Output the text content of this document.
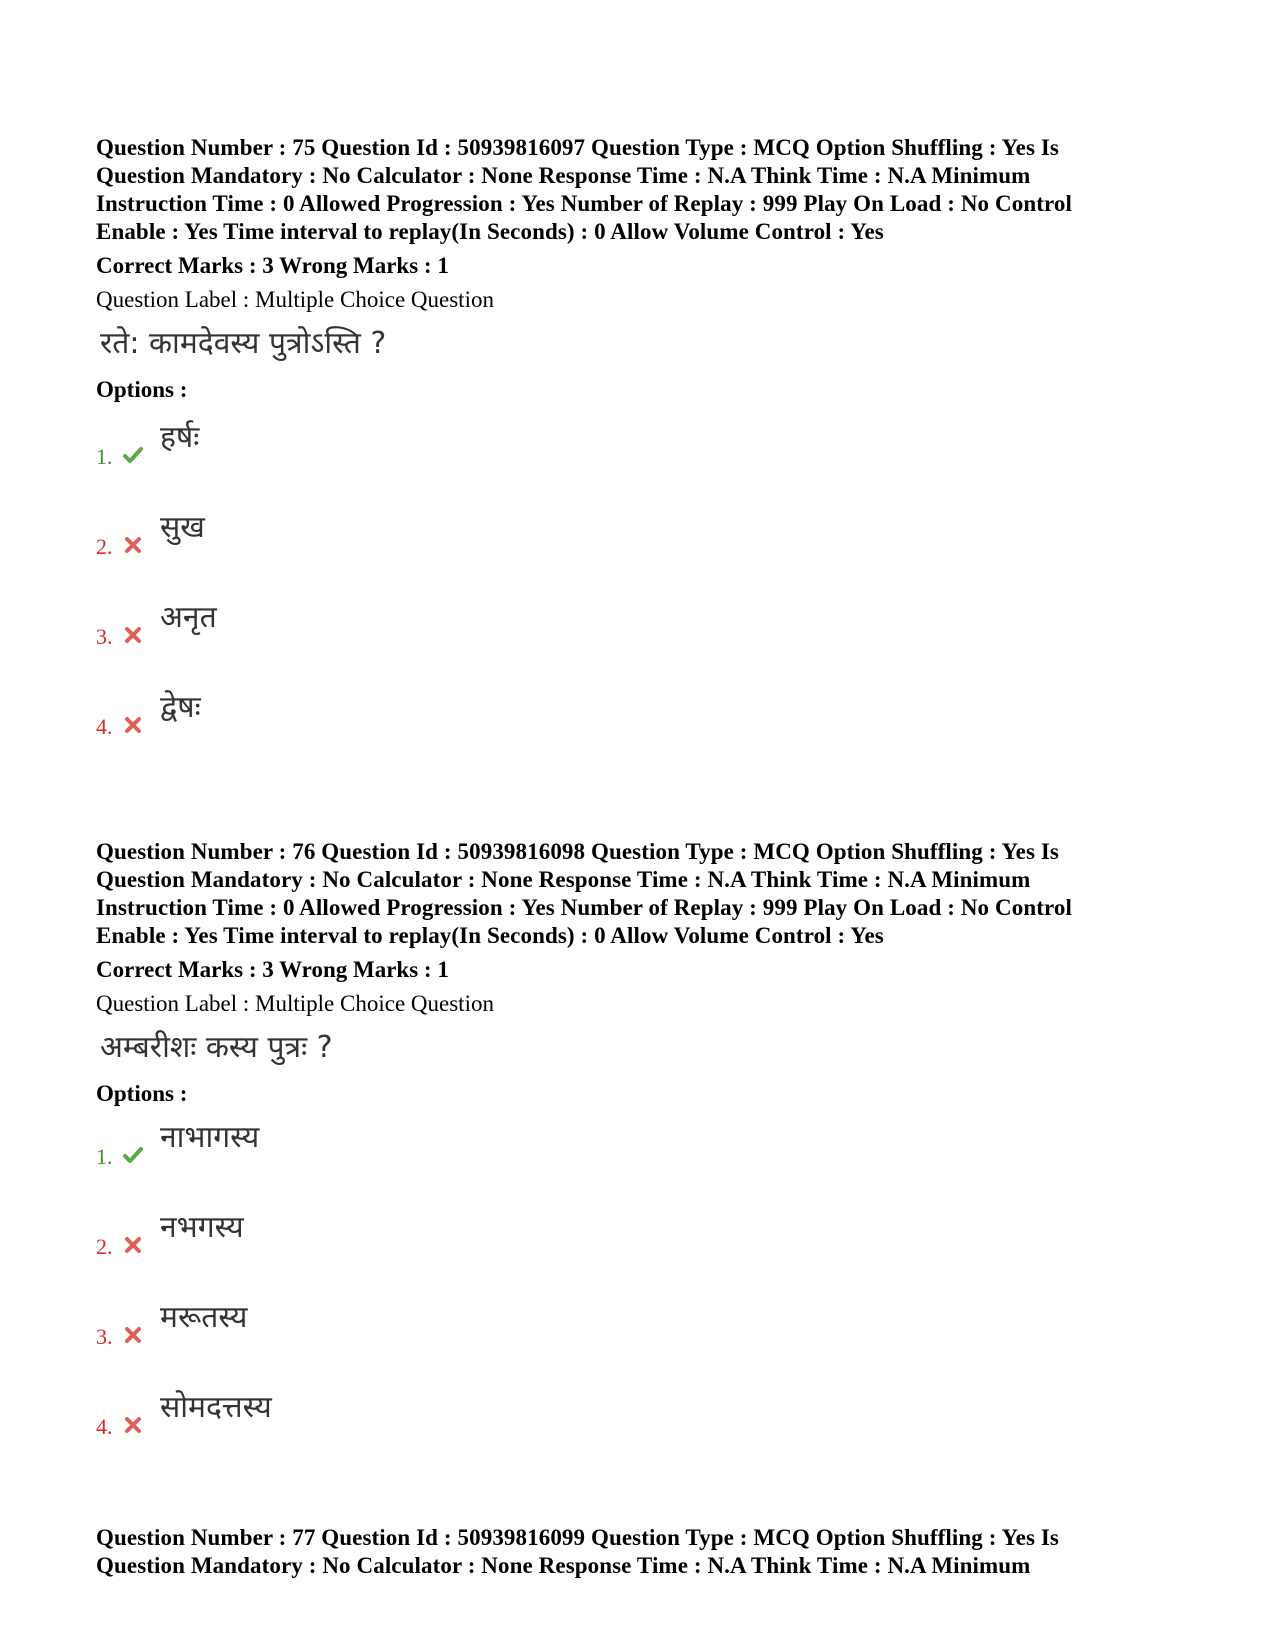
Question Number : 75 Question Id : 50939816097 Question Type : MCQ Option Shuffling : Yes Is
Question Mandatory : No Calculator : None Response Time : N.A Think Time : N.A Minimum
Instruction Time : 0 Allowed Progression : Yes Number of Replay : 999 Play On Load : No Control
Enable : Yes Time interval to replay(In Seconds) : 0 Allow Volume Control : Yes
Correct Marks : 3 Wrong Marks : 1
Question Label : Multiple Choice Question
रते: कामदेवस्य पुत्रोऽस्ति ?
Options :
1.
हर्षः
2.
सुख
3.
अनृत
4.
द्वेषः
Question Number : 76 Question Id : 50939816098 Question Type : MCQ Option Shuffling : Yes Is
Question Mandatory : No Calculator : None Response Time : N.A Think Time : N.A Minimum
Instruction Time : 0 Allowed Progression : Yes Number of Replay : 999 Play On Load : No Control
Enable : Yes Time interval to replay(In Seconds) : 0 Allow Volume Control : Yes
Correct Marks : 3 Wrong Marks : 1
Question Label : Multiple Choice Question
अम्बरीशः कस्य पुत्रः ?
Options :
1.
नाभागस्य
2.
नभगस्य
3.
मरूतस्य
4.
सोमदत्तस्य
Question Number : 77 Question Id : 50939816099 Question Type : MCQ Option Shuffling : Yes Is
Question Mandatory : No Calculator : None Response Time : N.A Think Time : N.A Minimum
